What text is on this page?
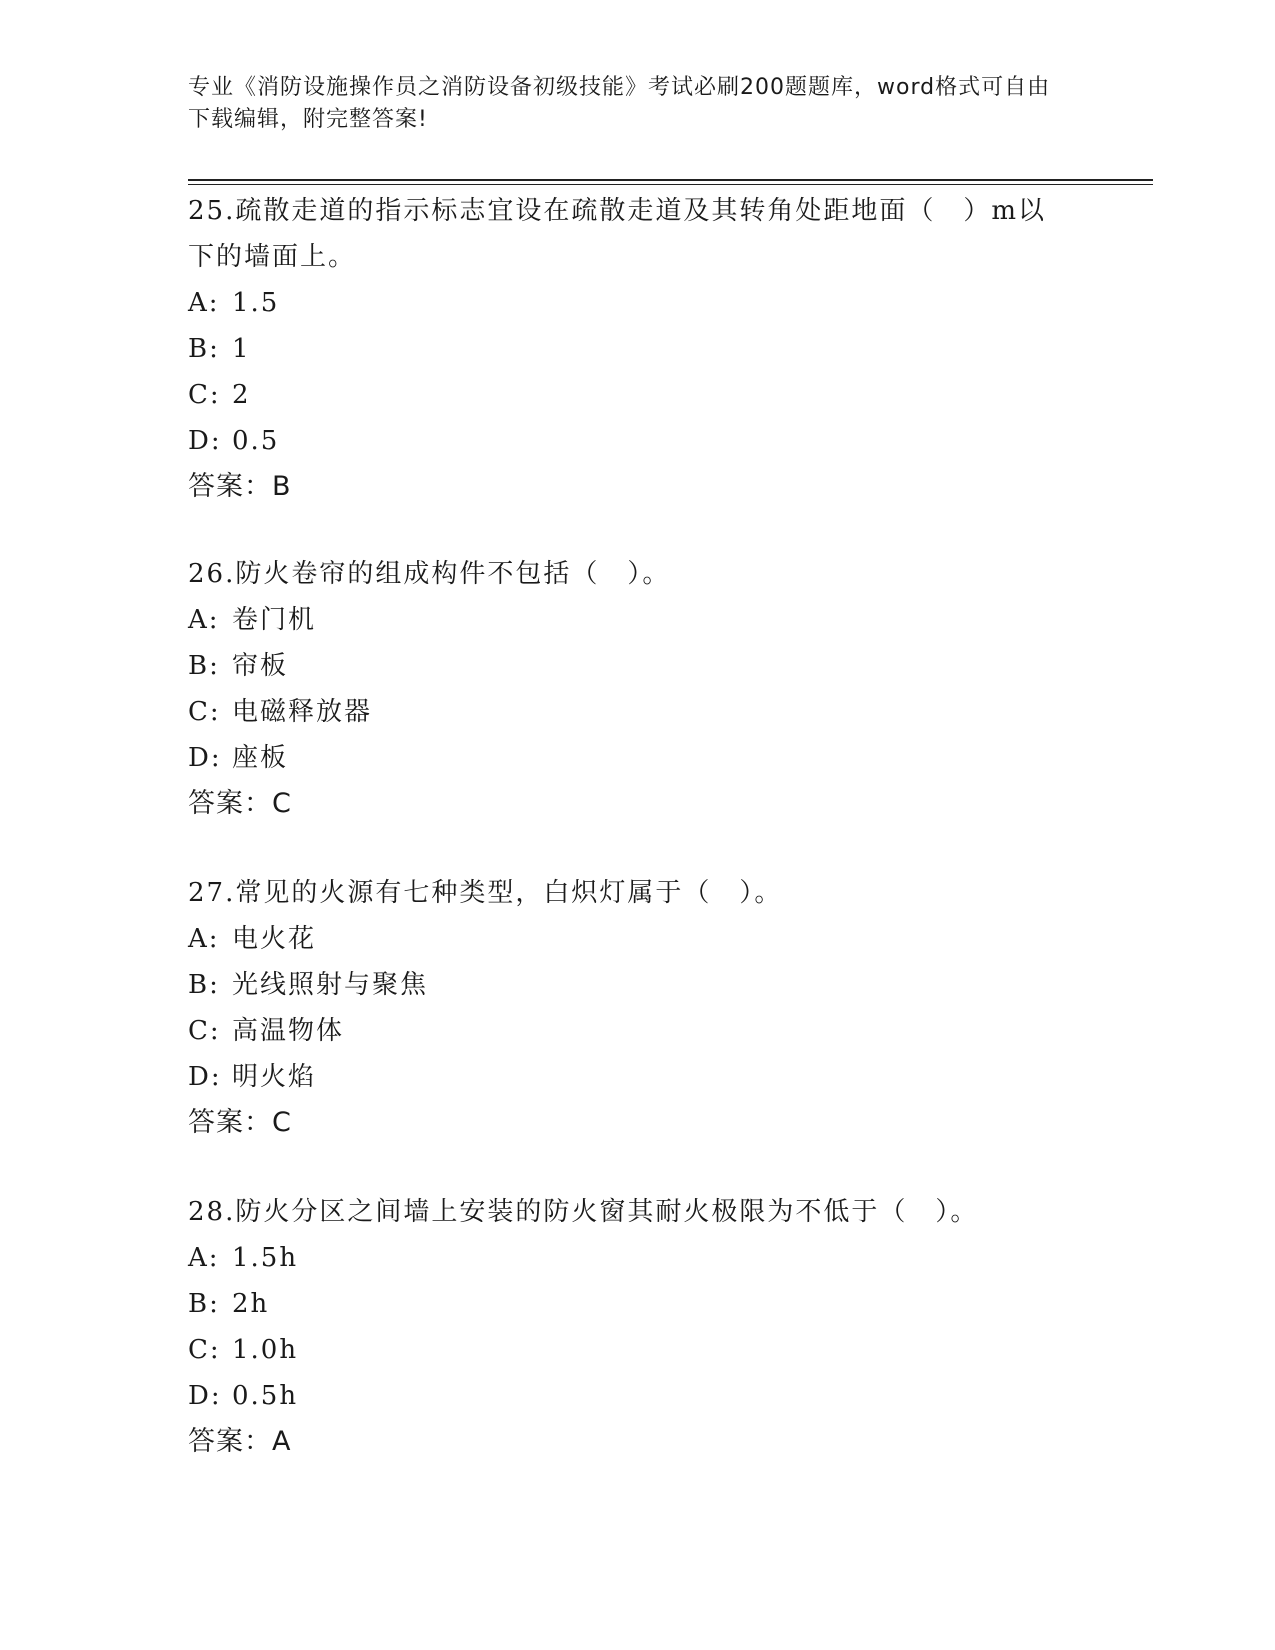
专业《消防设施操作员之消防设备初级技能》考试必刷200题题库，word格式可自由下载编辑，附完整答案!

25.疏散走道的指示标志宜设在疏散走道及其转角处距地面（　）m以下的墙面上。

A: 1.5
B: 1
C: 2
D: 0.5
答案：B

26.防火卷帘的组成构件不包括（　）。

A: 卷门机
B: 帘板
C: 电磁释放器
D: 座板
答案：C

27.常见的火源有七种类型，白炽灯属于（　）。

A: 电火花
B: 光线照射与聚焦
C: 高温物体
D: 明火焰
答案：C

28.防火分区之间墙上安装的防火窗其耐火极限为不低于（　）。

A: 1.5h
B: 2h
C: 1.0h
D: 0.5h
答案：A
